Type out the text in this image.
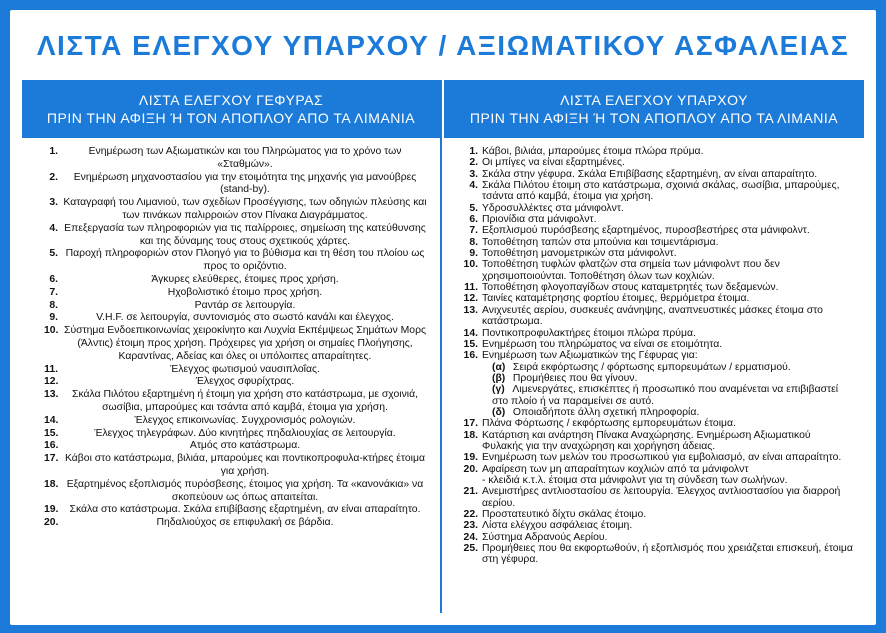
ΛΙΣΤΑ ΕΛΕΓΧΟΥ ΥΠΑΡΧΟΥ / ΑΞΙΩΜΑΤΙΚΟΥ ΑΣΦΑΛΕΙΑΣ
ΛΙΣΤΑ ΕΛΕΓΧΟΥ ΓΕΦΥΡΑΣ
ΠΡΙΝ ΤΗΝ ΑΦΙΞΗ Ή ΤΟΝ ΑΠΟΠΛΟΥ ΑΠΟ ΤΑ ΛΙΜΑΝΙΑ
1.	Ενημέρωση των Αξιωματικών και του Πληρώματος για το χρόνο των «Σταθμών».
2.	Ενημέρωση μηχανοστασίου για την ετοιμότητα της μηχανής για μανούβρες (stand-by).
3. Καταγραφή του Λιμανιού, των σχεδίων Προσέγγισης, των οδηγιών πλεύσης και των πινάκων παλιρροιών στον Πίνακα Διαγράμματος.
4. Επεξεργασία των πληροφοριών για τις παλίρροιες, σημείωση της κατεύθυνσης και της δύναμης τους στους σχετικούς χάρτες.
5. Παροχή πληροφοριών στον Πλοηγό για το βύθισμα και τη θέση του πλοίου ως προς το οριζόντιο.
6.	Άγκυρες ελεύθερες, έτοιμες προς χρήση.
7.	Ηχοβολιστικό έτοιμο προς χρήση.
8.	Ραντάρ σε λειτουργία.
9.	V.H.F. σε λειτουργία, συντονισμός στο σωστό κανάλι και έλεγχος.
10. Σύστημα Ενδοεπικοινωνίας χειροκίνητο και Λυχνία Εκπέμψεως Σημάτων Μορς (Άλντις) έτοιμη προς χρήση. Πρόχειρες για χρήση οι σημαίες Πλοήγησης, Καραντίνας, Αδείας και όλες οι υπόλοιπες απαραίτητες.
11.	Έλεγχος φωτισμού ναυσιπλοΐας.
12.	Έλεγχος σφυρίχτρας.
13.	Σκάλα Πιλότου εξαρτημένη ή έτοιμη για χρήση στο κατάστρωμα, με σχοινιά, σωσίβια, μπαρούμες και τσάντα από καμβά, έτοιμα για χρήση.
14.	Έλεγχος επικοινωνίας. Συγχρονισμός ρολογιών.
15.	Έλεγχος τηλεγράφων. Δύο κινητήρες πηδαλιουχίας σε λειτουργία.
16.	Ατμός στο κατάστρωμα.
17. Κάβοι στο κατάστρωμα, βιλιάα, μπαρούμες και ποντικοπροφυλα-κτήρες έτοιμα για χρήση.
18. Εξαρτημένος εξοπλισμός πυρόσβεσης, έτοιμος για χρήση. Τα «κανονάκια» να σκοπεύουν ως όπως απαιτείται.
19.	Σκάλα στο κατάστρωμα. Σκάλα επιβίβασης εξαρτημένη, αν είναι απαραίτητο.
20.	Πηδαλιούχος σε επιφυλακή σε βάρδια.
ΛΙΣΤΑ ΕΛΕΓΧΟΥ ΥΠΑΡΧΟΥ
ΠΡΙΝ ΤΗΝ ΑΦΙΞΗ Ή ΤΟΝ ΑΠΟΠΛΟΥ ΑΠΟ ΤΑ ΛΙΜΑΝΙΑ
1. Κάβοι, βιλιάα, μπαρούμες έτοιμα πλώρα πρύμα.
2. Οι μπίγες να είναι εξαρτημένες.
3. Σκάλα στην γέφυρα. Σκάλα Επιβίβασης εξαρτημένη, αν είναι απαραίτητο.
4. Σκάλα Πιλότου έτοιμη στο κατάστρωμα, σχοινιά σκάλας, σωσίβια, μπαρούμες, τσάντα από καμβά, έτοιμα για χρήση.
5. Υδροσυλλέκτες στα μάνιφολντ.
6. Πριονίδια στα μάνιφολντ.
7. Εξοπλισμού πυρόσβεσης εξαρτημένος, πυροσβεστήρες στα μάνιφολντ.
8. Τοποθέτηση ταπών στα μπούνια και τσιμεντάρισμα.
9. Τοποθέτηση μανομετρικών στα μάνιφολντ.
10. Τοποθέτηση τυφλών φλατζών στα σημεία των μάνιφολντ που δεν χρησιμοποιούνται. Τοποθέτηση όλων των κοχλιών.
11. Τοποθέτηση φλογοπαγίδων στους καταμετρητές των δεξαμενών.
12. Ταινίες καταμέτρησης φορτίου έτοιμες, θερμόμετρα έτοιμα.
13. Ανιχνευτές αερίου, συσκευές ανάνηψης, αναπνευστικές μάσκες έτοιμα στο κατάστρωμα.
14. Ποντικοπροφυλακτήρες έτοιμοι πλώρα πρύμα.
15. Ενημέρωση του πληρώματος να είναι σε ετοιμότητα.
16. Ενημέρωση των Αξιωματικών της Γέφυρας για:
(α) Σειρά εκφόρτωσης / φόρτωσης εμπορευμάτων / ερματισμού.
(β) Προμήθειες που θα γίνουν.
(γ) Λιμενεργάτες, επισκέπτες ή προσωπικό που αναμένεται να επιβιβαστεί στο πλοίο ή να παραμείνει σε αυτό.
(δ) Οποιαδήποτε άλλη σχετική πληροφορία.
17. Πλάνα Φόρτωσης / εκφόρτωσης εμπορευμάτων έτοιμα.
18. Κατάρτιση και ανάρτηση Πίνακα Αναχώρησης. Ενημέρωση Αξιωματικού Φυλακής για την αναχώρηση και χορήγηση άδειας.
19. Ενημέρωση των μελών του προσωπικού για εμβολιασμό, αν είναι απαραίτητο.
20. Αφαίρεση των μη απαραίτητων κοχλιών από τα μάνιφολντ
- κλειδιά κ.τ.λ. έτοιμα στα μάνιφολντ για τη σύνδεση των σωλήνων.
21. Ανεμιστήρες αντλιοστασίου σε λειτουργία. Έλεγχος αντλιοστασίου για διαρροή αερίου.
22. Προστατευτικό δίχτυ σκάλας έτοιμο.
23. Λίστα ελέγχου ασφάλειας έτοιμη.
24. Σύστημα Αδρανούς Αερίου.
25. Προμήθειες που θα εκφορτωθούν, ή εξοπλισμός που χρειάζεται επισκευή, έτοιμα στη γέφυρα.
